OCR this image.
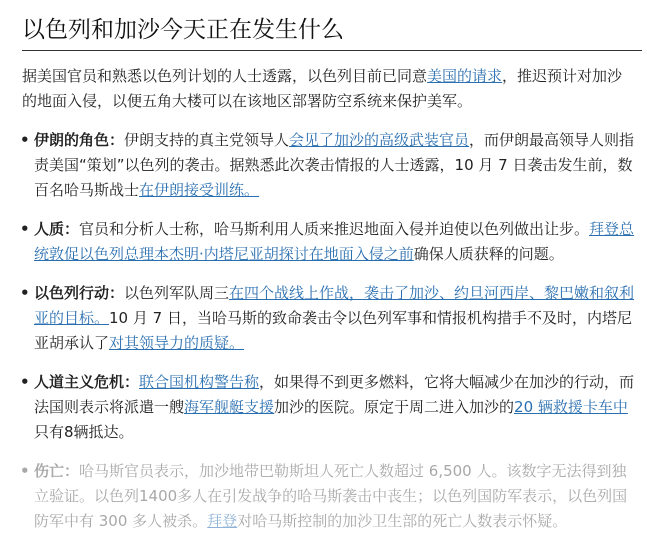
以色列和加沙今天正在发生什么

据美国官员和熟悉以色列计划的人士透露，以色列目前已同意美国的请求，推迟预计对加沙的地面入侵，以便五角大楼可以在该地区部署防空系统来保护美军。

• 伊朗的角色：伊朗支持的真主党领导人会见了加沙的高级武装官员，而伊朗最高领导人则指责美国“策划”以色列的袭击。据熟悉此次袭击情报的人士透露，10 月 7 日袭击发生前，数百名哈马斯战士在伊朗接受训练。
• 人质：官员和分析人士称，哈马斯利用人质来推迟地面入侵并迫使以色列做出让步。拜登总统敦促以色列总理本杰明·内塔尼亚胡探讨在地面入侵之前确保人质获释的问题。
• 以色列行动：以色列军队周三在四个战线上作战，袭击了加沙、约旦河西岸、黎巴嫩和叙利亚的目标。10 月 7 日，当哈马斯的致命袭击令以色列军事和情报机构措手不及时，内塔尼亚胡承认了对其领导力的质疑。
• 人道主义危机：联合国机构警告称，如果得不到更多燃料，它将大幅减少在加沙的行动，而法国则表示将派遣一艘海军舰艇支援加沙的医院。原定于周二进入加沙的20 辆救援卡车中只有8辆抵达。
• 伤亡：哈马斯官员表示，加沙地带巴勒斯坦人死亡人数超过 6,500 人。该数字无法得到独立验证。以色列1400多人在引发战争的哈马斯袭击中丧生；以色列国防军表示，以色列国防军中有 300 多人被杀。拜登对哈马斯控制的加沙卫生部的死亡人数表示怀疑。
